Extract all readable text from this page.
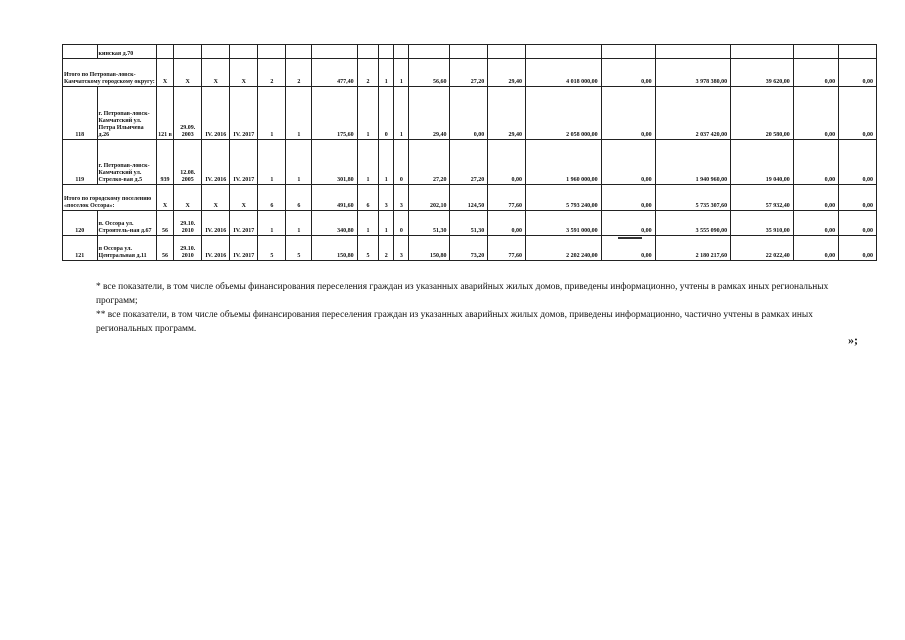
	кинская д.70																			
Итого по Петропав-ловск-Камчатскому городскому округу:		X	X	X	X	2	2	477,40	2	1	1	56,60	27,20	29,40	4 018 000,00	0,00	3 978 380,00	39 620,00	0,00	0,00
118	г. Петропав-ловск-Камчатский ул. Петра Ильичева д.26	121 в	29.09. 2003	IV. 2016	IV. 2017	1	1	175,60	1	0	1	29,40	0,00	29,40	2 058 000,00	0,00	2 037 420,00	20 580,00	0,00	0,00
119	г. Петропав-ловск-Камчатский ул. Стрелко-вая д.5	939	12.08. 2005	IV. 2016	IV. 2017	1	1	301,80	1	1	0	27,20	27,20	0,00	1 960 000,00	0,00	1 940 960,00	19 040,00	0,00	0,00
Итого по городскому поселению «поселок Оссора»:		X	X	X	X	6	6	491,60	6	3	3	202,10	124,50	77,60	5 793 240,00	0,00	5 735 307,60	57 932,40	0,00	0,00
120	п. Оссора ул. Строитель-ная д.67	56	29.10. 2010	IV. 2016	IV. 2017	1	1	340,80	1	1	0	51,30	51,30	0,00	3 591 000,00	0,00	3 555 090,00	35 910,00	0,00	0,00
121	п Оссора ул. Центральная д.11	56	29.10. 2010	IV. 2016	IV. 2017	5	5	150,80	5	2	3	150,80	73,20	77,60	2 202 240,00	0,00	2 180 217,60	22 022,40	0,00	0,00

* все показатели, в том числе объемы финансирования переселения граждан из указанных аварийных жилых домов, приведены информационно, учтены в рамках иных региональных программ;

** все показатели, в том числе объемы финансирования переселения граждан из указанных аварийных жилых домов, приведены информационно, частично учтены в рамках иных региональных программ.

»;
